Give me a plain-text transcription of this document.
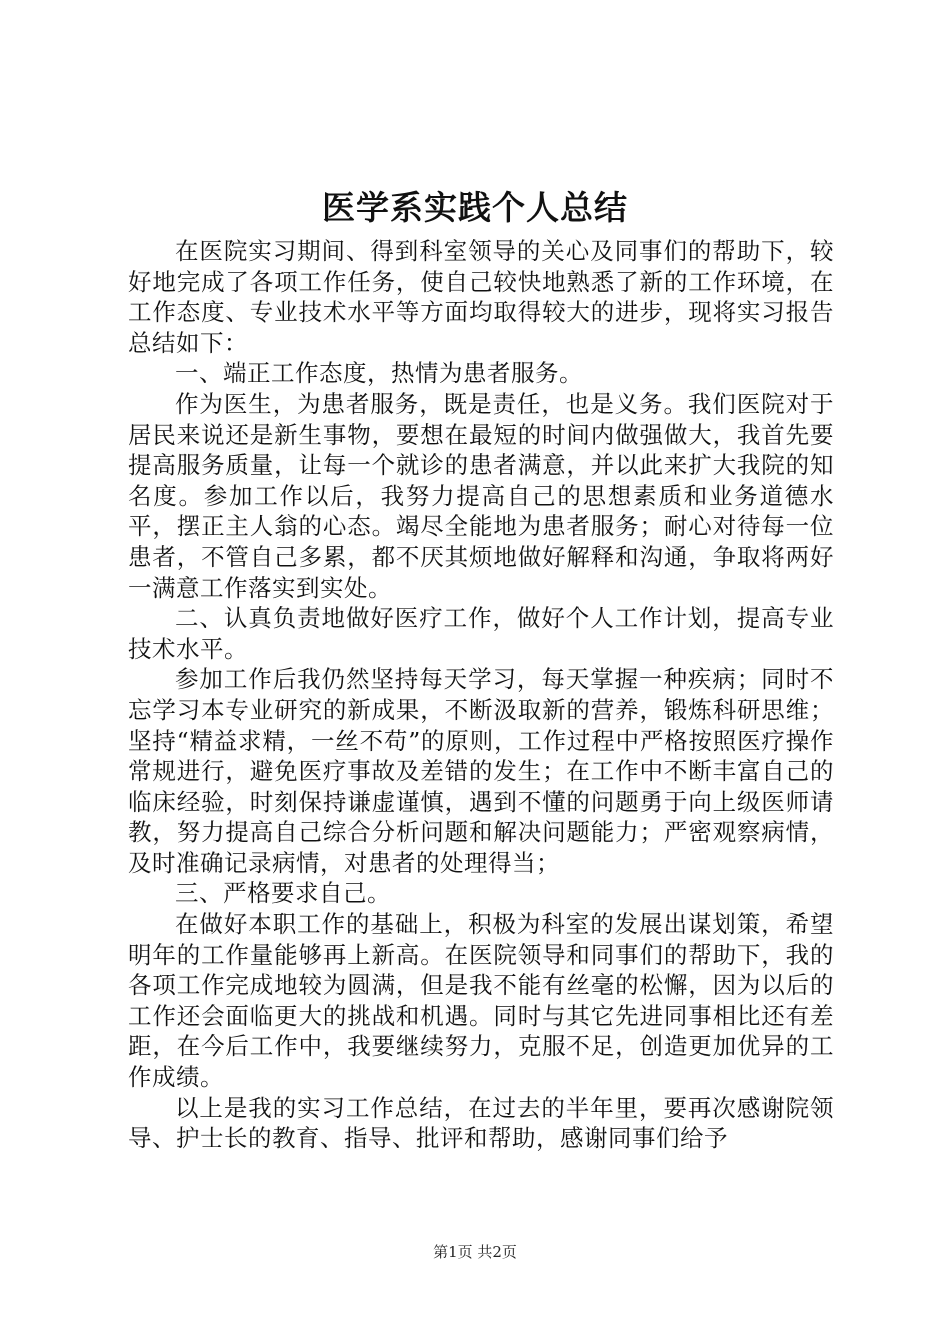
医学系实践个人总结

在医院实习期间、得到科室领导的关心及同事们的帮助下，较好地完成了各项工作任务，使自己较快地熟悉了新的工作环境，在工作态度、专业技术水平等方面均取得较大的进步，现将实习报告总结如下：

一、端正工作态度，热情为患者服务。

作为医生，为患者服务，既是责任，也是义务。我们医院对于居民来说还是新生事物，要想在最短的时间内做强做大，我首先要提高服务质量，让每一个就诊的患者满意，并以此来扩大我院的知名度。参加工作以后，我努力提高自己的思想素质和业务道德水平，摆正主人翁的心态。竭尽全能地为患者服务；耐心对待每一位患者，不管自己多累，都不厌其烦地做好解释和沟通，争取将两好一满意工作落实到实处。

二、认真负责地做好医疗工作，做好个人工作计划，提高专业技术水平。

参加工作后我仍然坚持每天学习，每天掌握一种疾病；同时不忘学习本专业研究的新成果，不断汲取新的营养，锻炼科研思维；坚持“精益求精，一丝不苟”的原则，工作过程中严格按照医疗操作常规进行，避免医疗事故及差错的发生；在工作中不断丰富自己的临床经验，时刻保持谦虚谨慎，遇到不懂的问题勇于向上级医师请教，努力提高自己综合分析问题和解决问题能力；严密观察病情，及时准确记录病情，对患者的处理得当；

三、严格要求自己。

在做好本职工作的基础上，积极为科室的发展出谋划策，希望明年的工作量能够再上新高。在医院领导和同事们的帮助下，我的各项工作完成地较为圆满，但是我不能有丝毫的松懈，因为以后的工作还会面临更大的挑战和机遇。同时与其它先进同事相比还有差距，在今后工作中，我要继续努力，克服不足，创造更加优异的工作成绩。

以上是我的实习工作总结，在过去的半年里，要再次感谢院领导、护士长的教育、指导、批评和帮助，感谢同事们给予

第1页 共2页
